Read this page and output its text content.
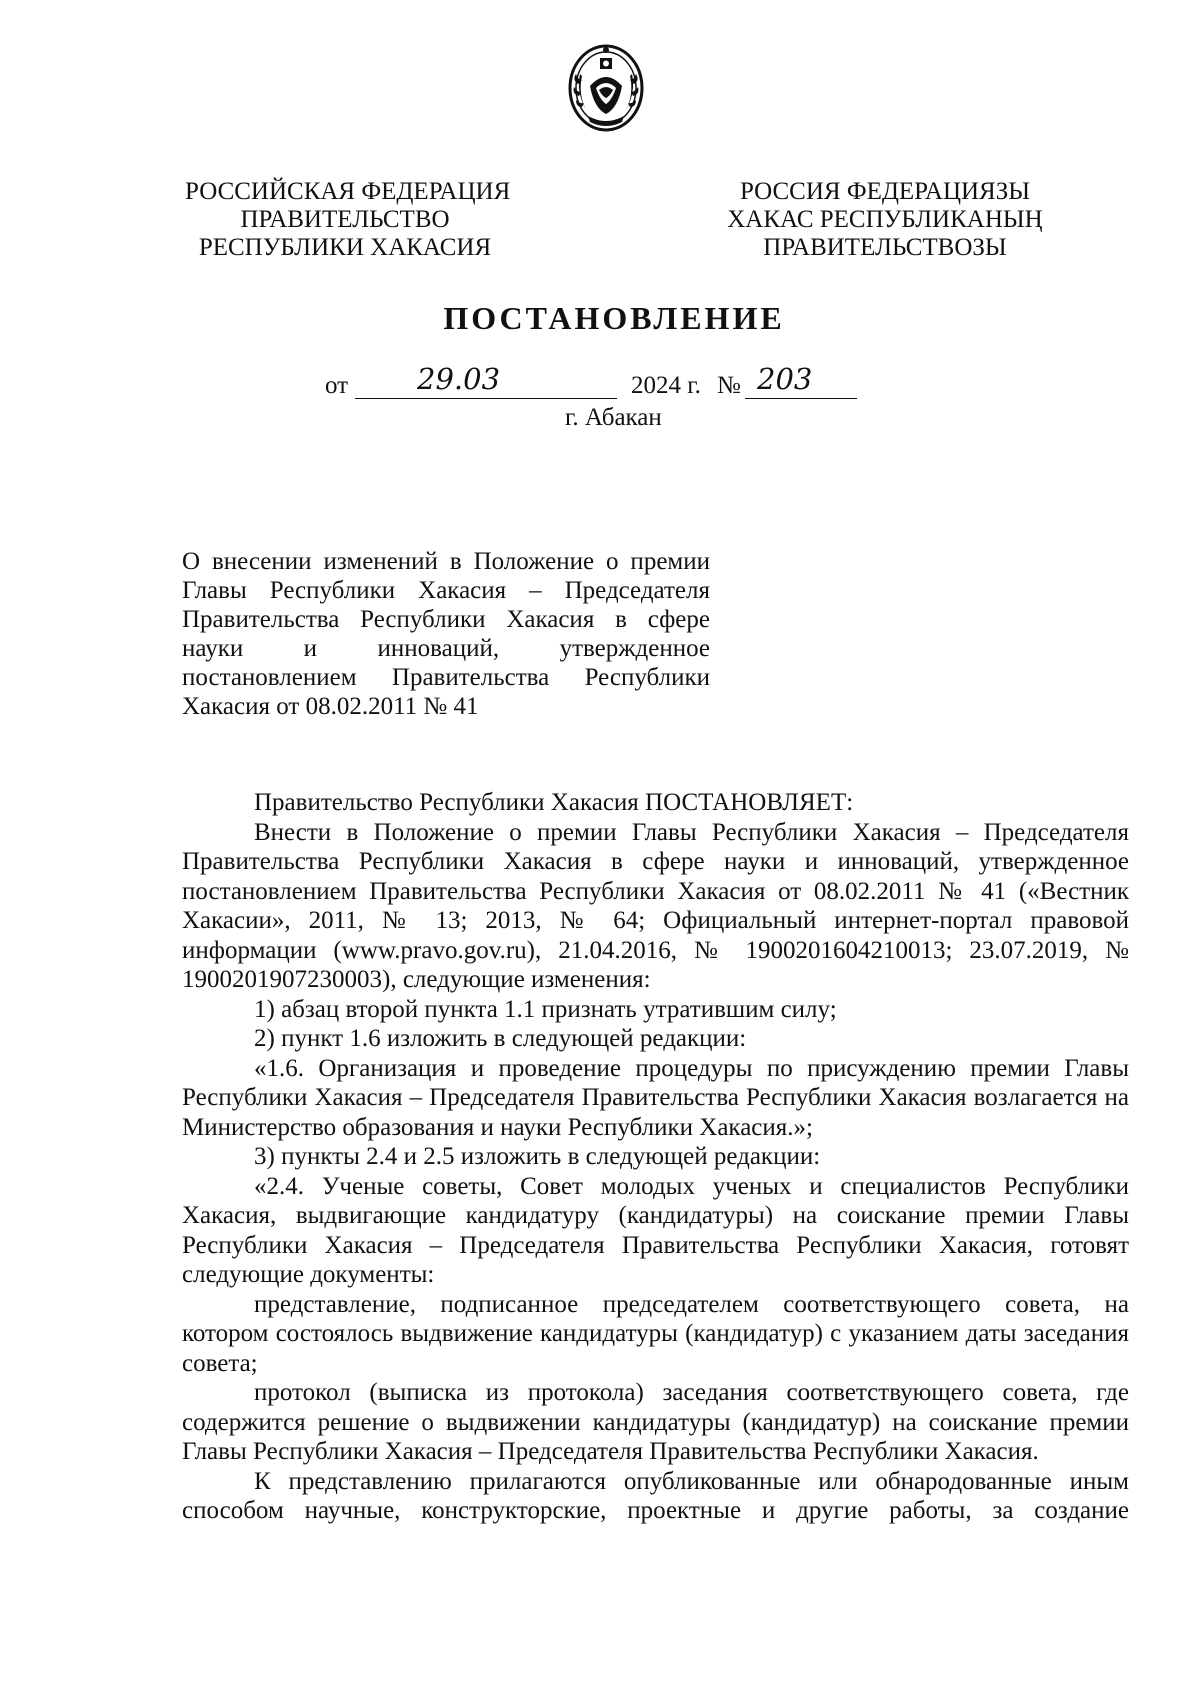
РОССИЙСКАЯ ФЕДЕРАЦИЯ
ПРАВИТЕЛЬСТВО
РЕСПУБЛИКИ ХАКАСИЯ
РОССИЯ ФЕДЕРАЦИЯЗЫ
ХАКАС РЕСПУБЛИКАНЫҢ
ПРАВИТЕЛЬСТВОЗЫ
ПОСТАНОВЛЕНИЕ
от 29.03	2024 г. № 203
г. Абакан

О внесении изменений в Положение о премии

Главы Республики Хакасия – Председателя

Правительства Республики Хакасия в сфере

науки и инноваций, утвержденное

постановлением Правительства Республики

Хакасия от 08.02.2011 № 41

Правительство Республики Хакасия ПОСТАНОВЛЯЕТ:

Внести в Положение о премии Главы Республики Хакасия – Председателя Правительства Республики Хакасия в сфере науки и инноваций, утвержденное постановлением Правительства Республики Хакасия от 08.02.2011 № 41 («Вестник Хакасии», 2011, № 13; 2013, № 64; Официальный интернет-портал правовой информации (www.pravo.gov.ru), 21.04.2016, № 1900201604210013; 23.07.2019, № 1900201907230003), следующие изменения:

1) абзац второй пункта 1.1 признать утратившим силу;

2) пункт 1.6 изложить в следующей редакции:

«1.6. Организация и проведение процедуры по присуждению премии Главы Республики Хакасия – Председателя Правительства Республики Хакасия возлагается на Министерство образования и науки Республики Хакасия.»;

3) пункты 2.4 и 2.5 изложить в следующей редакции:

«2.4. Ученые советы, Совет молодых ученых и специалистов Республики Хакасия, выдвигающие кандидатуру (кандидатуры) на соискание премии Главы Республики Хакасия – Председателя Правительства Республики Хакасия, готовят следующие документы:

представление, подписанное председателем соответствующего совета, на котором состоялось выдвижение кандидатуры (кандидатур) с указанием даты заседания совета;

протокол (выписка из протокола) заседания соответствующего совета, где содержится решение о выдвижении кандидатуры (кандидатур) на соискание премии Главы Республики Хакасия – Председателя Правительства Республики Хакасия.

К представлению прилагаются опубликованные или обнародованные иным способом научные, конструкторские, проектные и другие работы, за создание
